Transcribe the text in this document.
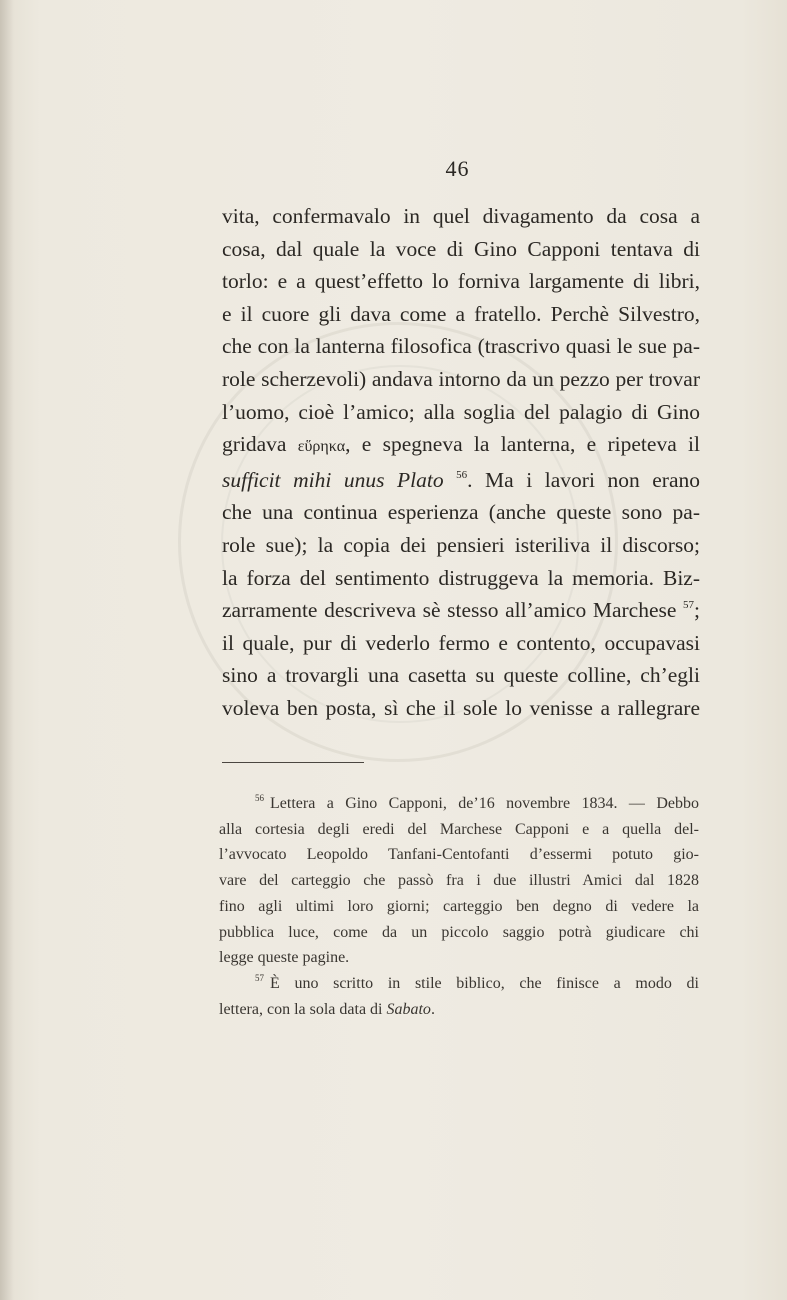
46
vita, confermavalo in quel divagamento da cosa a
cosa, dal quale la voce di Gino Capponi tentava di
torlo: e a quest’effetto lo forniva largamente di libri,
e il cuore gli dava come a fratello. Perchè Silvestro,
che con la lanterna filosofica (trascrivo quasi le sue pa-
role scherzevoli) andava intorno da un pezzo per trovar
l’uomo, cioè l’amico; alla soglia del palagio di Gino
gridava εὕρηκα, e spegneva la lanterna, e ripeteva il
sufficit mihi unus Plato $^{56}$. Ma i lavori non erano
che una continua esperienza (anche queste sono pa-
role sue); la copia dei pensieri isteriliva il discorso;
la forza del sentimento distruggeva la memoria. Biz-
zarramente descriveva sè stesso all’amico Marchese $^{57}$;
il quale, pur di vederlo fermo e contento, occupavasi
sino a trovargli una casetta su queste colline, ch’egli
voleva ben posta, sì che il sole lo venisse a rallegrare
$^{56}$ Lettera a Gino Capponi, de’16 novembre 1834. — Debbo
alla cortesia degli eredi del Marchese Capponi e a quella del-
l’avvocato Leopoldo Tanfani-Centofanti d’essermi potuto gio-
vare del carteggio che passò fra i due illustri Amici dal 1828
fino agli ultimi loro giorni; carteggio ben degno di vedere la
pubblica luce, come da un piccolo saggio potrà giudicare chi
legge queste pagine.
$^{57}$ È uno scritto in stile biblico, che finisce a modo di
lettera, con la sola data di Sabato.
